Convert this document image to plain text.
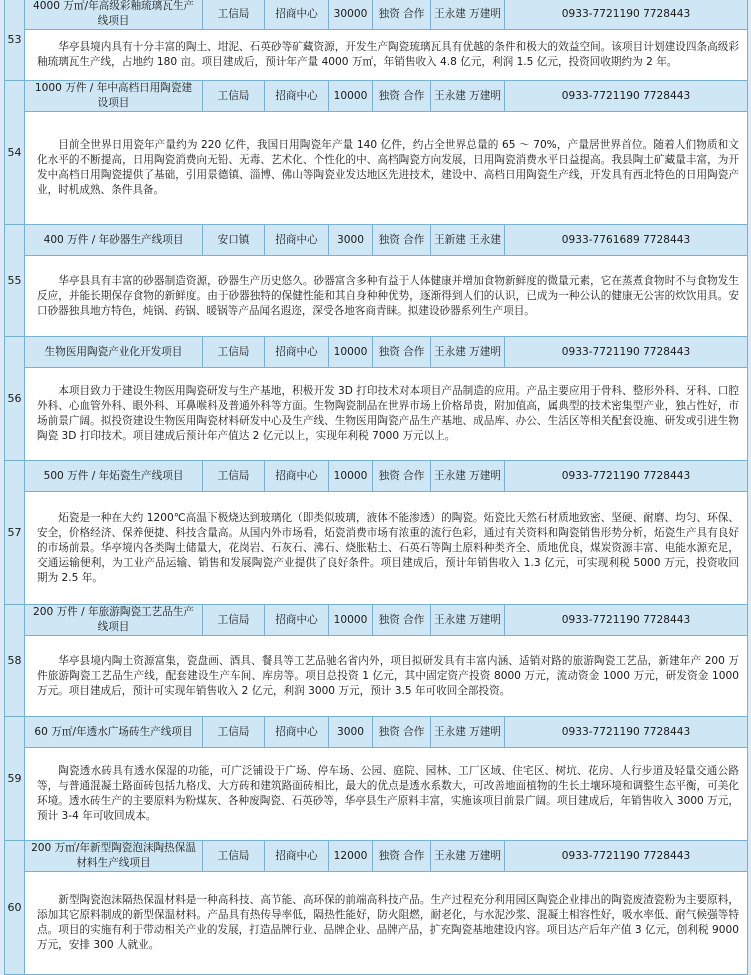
53	4000 万㎡/年高级彩釉琉璃瓦生产线项目	工信局	招商中心	30000	独资 合作	王永建 万建明	0933-7721190 7728443
	华亭县境内具有十分丰富的陶土、坩泥、石英砂等矿藏资源，开发生产陶瓷琉璃瓦具有优越的条件和极大的效益空间。该项目计划建设四条高级彩釉琉璃瓦生产线，占地约 180 亩。项目建成后，预计年产量 4000 万㎡，年销售收入 4.8 亿元，利润 1.5 亿元，投资回收期约为 2 年。						
54	1000 万件 / 年中高档日用陶瓷建设项目	工信局	招商中心	10000	独资 合作	王永建 万建明	0933-7721190 7728443
	目前全世界日用瓷年产量约为 220 亿件，我国日用陶瓷年产量 140 亿件，约占全世界总量的 65 ～ 70%，产量居世界首位。随着人们物质和文化水平的不断提高，日用陶瓷消费向无铅、无毒、艺术化、个性化的中、高档陶瓷方向发展，日用陶瓷消费水平日益提高。我县陶土矿藏量丰富，为开发中高档日用陶瓷提供了基础，引用景德镇、淄博、佛山等陶瓷业发达地区先进技术，建设中、高档日用陶瓷生产线，开发具有西北特色的日用陶瓷产业，时机成熟、条件具备。						
55	400 万件 / 年砂器生产线项目	安口镇	招商中心	3000	独资 合作	王新建 王永建	0933-7761689 7728443
	华亭县具有丰富的砂器制造资源，砂器生产历史悠久。砂器富含多种有益于人体健康并增加食物新鲜度的微量元素，它在蒸煮食物时不与食物发生反应，并能长期保存食物的新鲜度。由于砂器独特的保健性能和其自身种种优势，逐渐得到人们的认识，已成为一种公认的健康无公害的炊饮用具。安口砂器独具地方特色，炖锅、药锅、暖锅等产品闻名遐迩，深受各地客商青睐。拟建设砂器系列生产项目。						
56	生物医用陶瓷产业化开发项目	工信局	招商中心	10000	独资 合作	王永建 万建明	0933-7721190 7728443
	本项目致力于建设生物医用陶瓷研发与生产基地，积极开发 3D 打印技术对本项目产品制造的应用。产品主要应用于骨科、整形外科、牙科、口腔外科、心血管外科、眼外科、耳鼻喉科及普通外科等方面。生物陶瓷制品在世界市场上价格昂贵，附加值高，属典型的技术密集型产业，独占性好，市场前景广阔。拟投资建设生物医用陶瓷材料研发中心及生产线、生物医用陶瓷产品生产基地、成品库、办公、生活区等相关配套设施、研发或引进生物陶瓷 3D 打印技术。项目建成后预计年产值达 2 亿元以上，实现年利税 7000 万元以上。						
57	500 万件 / 年炻瓷生产线项目	工信局	招商中心	10000	独资 合作	王永建 万建明	0933-7721190 7728443
	炻瓷是一种在大约 1200℃高温下极烧达到玻璃化（即类似玻璃，液体不能渗透）的陶瓷。炻瓷比天然石材质地致密、坚硬、耐磨、均匀、环保、安全，价格经济、保养便捷、科技含量高。从国内外市场看，炻瓷消费市场有浓重的流行色彩，通过有关资料和陶瓷销售形势分析，炻瓷生产具有良好的市场前景。华亭境内各类陶土储量大，花岗岩、石灰石、沸石、烧胀粘土、石英石等陶土原料种类齐全、质地优良，煤炭资源丰富、电能水源充足，交通运输便利，为工业产品运输、销售和发展陶瓷产业提供了良好条件。项目建成后，预计年销售收入 1.3 亿元，可实现利税 5000 万元，投资收回期为 2.5 年。						
58	200 万件 / 年旅游陶瓷工艺品生产线项目	工信局	招商中心	10000	独资 合作	王永建 万建明	0933-7721190 7728443
	华亭县境内陶土资源富集，瓷盘画、酒具、餐具等工艺品驰名省内外，项目拟研发具有丰富内涵、适销对路的旅游陶瓷工艺品，新建年产 200 万件旅游陶瓷工艺品生产线，配套建设生产车间、库房等。项目总投资 1 亿元，其中固定资产投资 8000 万元，流动资金 1000 万元，研发资金 1000 万元。项目建成后，预计可实现年销售收入 2 亿元，利润 3000 万元，预计 3.5 年可收回全部投资。						
59	60 万㎡/年透水广场砖生产线项目	工信局	招商中心	3000	独资 合作	王永建 万建明	0933-7721190 7728443
	陶瓷透水砖具有透水保湿的功能，可广泛铺设于广场、停车场、公园、庭院、园林、工厂区域、住宅区、树坑、花房、人行步道及轻量交通公路等，与普通混凝土路面砖包括九格戊、大方砖和建筑路面砖相比，最大的优点是透水系数大，可改善地面植物的生长土壤环境和调整生态平衡，可美化环境。透水砖生产的主要原料为粉煤灰、各种废陶瓷、石英砂等，华亭县生产原料丰富，实施该项目前景广阔。项目建成后，年销售收入 3000 万元，预计 3-4 年可收回成本。						
60	200 万㎡/年新型陶瓷泡沫陶热保温材料生产线项目	工信局	招商中心	12000	独资 合作	王永建 万建明	0933-7721190 7728443
	新型陶瓷泡沫隔热保温材料是一种高科技、高节能、高环保的前端高科技产品。生产过程充分利用园区陶瓷企业排出的陶瓷废渣瓷粉为主要原料，添加其它原料制成的新型保温材料。产品具有热传导率低，隔热性能好，防火阻燃，耐老化，与水泥沙浆、混凝土相容性好，吸水率低、耐气候强等特点。项目的实施有利于带动相关产业的发展，打造品牌行业、品牌企业、品牌产品，扩充陶瓷基地建设内容。项目达产后年产值 3 亿元，创利税 9000 万元，安排 300 人就业。						
